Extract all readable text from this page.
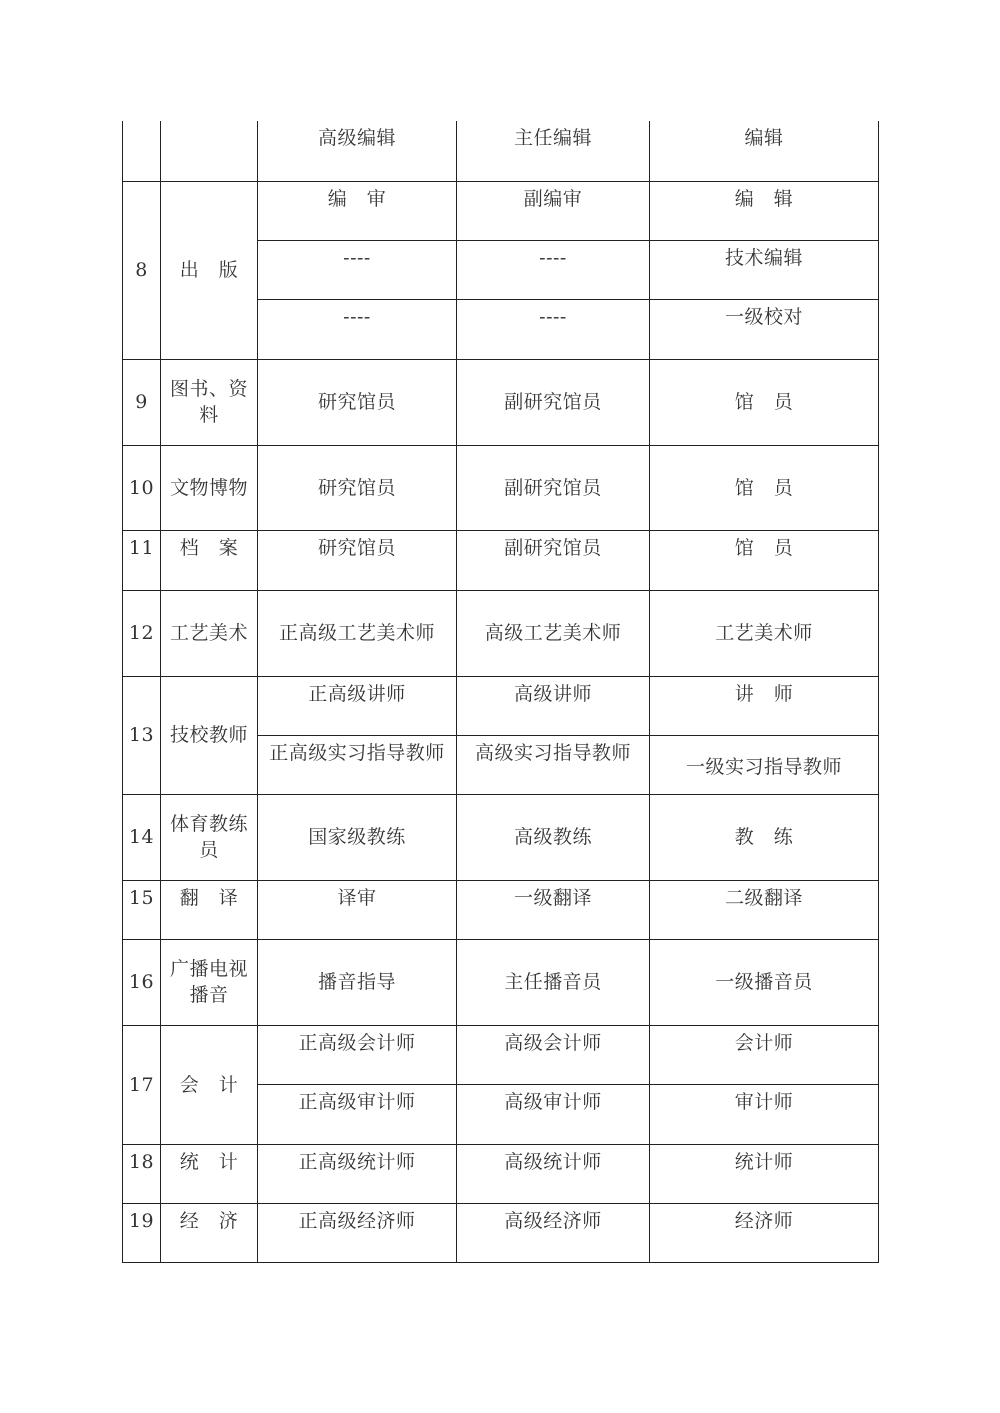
		高级编辑	主任编辑	编辑
8	出　版	编　审	副编审	编　辑
		----	----	技术编辑
		----	----	一级校对
9	图书、资料	研究馆员	副研究馆员	馆　员
10	文物博物	研究馆员	副研究馆员	馆　员
11	档　案	研究馆员	副研究馆员	馆　员
12	工艺美术	正高级工艺美术师	高级工艺美术师	工艺美术师
13	技校教师	正高级讲师	高级讲师	讲　师
		正高级实习指导教师	高级实习指导教师	一级实习指导教师
14	体育教练员	国家级教练	高级教练	教　练
15	翻　译	译审	一级翻译	二级翻译
16	广播电视播音	播音指导	主任播音员	一级播音员
17	会　计	正高级会计师	高级会计师	会计师
		正高级审计师	高级审计师	审计师
18	统　计	正高级统计师	高级统计师	统计师
19	经　济	正高级经济师	高级经济师	经济师
